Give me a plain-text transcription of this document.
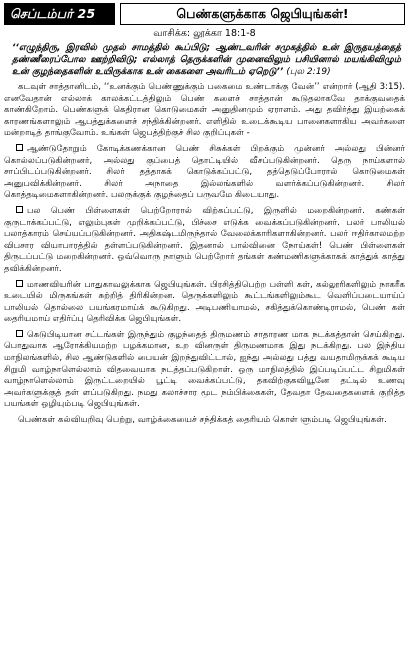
செப்டம்பர் 25	பெண்களுக்காக ஜெபியுங்கள்!
வாசிக்க: லூக்கா 18:1-8
‘‘எழுந்திரு, இரவில் முதல் சாமத்தில் கூப்பிடு; ஆண்டவரின் சமுகத்தில் உன் இருதயத்தைத் தண்ணீரைப்போல ஊற்றிவிடு; எல்லாத் தெருக்களின் முனைவிலும் பசியினால் மயங்கிவிழும் உன் குழந்தைகளின் உயிருக்காக உன் கைகளை அவரிடம் ஏறெடு’’ (புல 2:19)

கடவுள் சாத்தானிடம், ‘‘உனக்கும் பெண்ணுக்கும் பகைமை உண்டாக்கு வேன்’’ என்றார் (ஆதி 3:15). எனவேதான் எல்லாக் காலக்கட்டத்திலும் பெண் களைச் சாத்தான் கூடுதலாகவே தாக்குவதைக் காண்கிறோம். பெண்களுக் கெதிரான கொடுமைகள் அனுதினமும் ஏராளம். அது தவிர்த்து இயற்கைக் காரணங்களாலும் ஆபத்துக்களைச் சந்திக்கின்றனர். எளிதில் உடைக்கூடிய பானைகளாகிய அவர்களை மன்றாடித் தாங்குவோம். உங்கள் ஜெபத்திற்குச் சில குறிப்புகள் -

ஆண்டுதோறும் கோடிக்கணக்கான பெண் சிசுக்கள் பிறக்கும் முன்னர் அல்லது பின்னர் கொல்லப்படுகின்றனர், அல்லது குப்பைத் தொட்டியில் வீசப்படுகின்றனர். தெரு நாய்களால் சாப்பிடப்படுகின்றனர். சிலர் தத்தாகக் கொடுக்கப்பட்டு, தத்தெடுப்போரால் கொடுமைகள் அனுபவிக்கின்றனர். சிலர் அநாதை இல்லங்களில் வளர்க்கப்படுகின்றனர். சிலர் கொத்தடிமைகளாகின்றனர். பலருக்குக் குழந்தைப் பருவமே கிடையாது.

பல பெண் பிள்ளைகள் பெற்றோரால் விற்கப்பட்டு, இருளில் மறைகின்றனர். கண்கள் குருடாக்கப்பட்டு, எலும்புகள் முறிக்கப்பட்டு, பிச்சை எடுக்க வைக்கப்படுகின்றனர். பலர் பாலியல் பலாத்காரம் செய்யப்படுகின்றனர். அதிகஷ்டமிருந்தால் வேலைக்காரிகளாகின்றனர். பலர் ஈதிர்காலமற்ற விபசார வியாபாரத்தில் தள்ளப்படுகின்றனர். இதனால் பால்வினை நோய்கள்! பெண் பிள்ளைகள் திருடப்பட்டு மறைகின்றனர். ஒவ்வொரு நாளும் பெற்றோர் தங்கள் கண்மணிகளுக்காகக் காத்துக் காத்து தவிக்கின்றனர்.

மாணவியரின் பாதுகாவலுக்காக ஜெபியுங்கள். பிரசித்திபெற்ற பள்ளி கள், கல்லூரிகளிலும் நாகரீக உடையில் மிருகங்கள் சுற்றித் திரிகின்றன. தெருக்களிலும் கூட்டங்களிலும்கூட வெளிப்படையாய்ப் பாலியல் தொல்லை பயங்கரமாய்க் கூடுகிறது. அடிபணியாமல், சகித்துக்கொண்டிராமல், பெண் கள் தைரியமாய் எதிர்ப்பு தெரிவிக்க ஜெபியுங்கள்.

கெடுபிடியான சட்டங்கள் இருந்தும் குழந்தைத் திருமணம் சாதாரண மாக நடக்கத்தான் செய்கிறது. பொதுவாக ஆரோக்கியமற்ற பழக்கமான, உற வினருள் திருமணமாக இது நடக்கிறது. பல இந்திய மாநிலங்களில், சில ஆண்டுகளில் பையன் இறந்துவிட்டால், ஐந்து அல்லது பத்து வயதாமிருக்கக் கூடிய சிறுமி வாழ்நாளெல்லாம் விதவையாக நடத்தப்படுகிறாள். ஒரு மாநிலத்தில் இப்படிப்பட்ட சிறுமிகள் வாழ்நாளெல்லாம் இருட்டறையில் பூட்டி வைக்கப்பட்டு, தகவிற்குகவியூனே தட்டில் உணவு அவர்களுக்குத் தள் ளப்படுகிறது. நமது கலாச்சார மூட நம்பிக்கைகள், தேவதா தேவதைகளைக் குறித்த பயங்கள் ஒழியும்படி ஜெபியுங்கள்.

பெண்கள் கல்வியறிவு பெற்று, வாழ்க்கையைச் சந்திக்கத் தைரியம் கொள் ளும்படி ஜெபியுங்கள்.
